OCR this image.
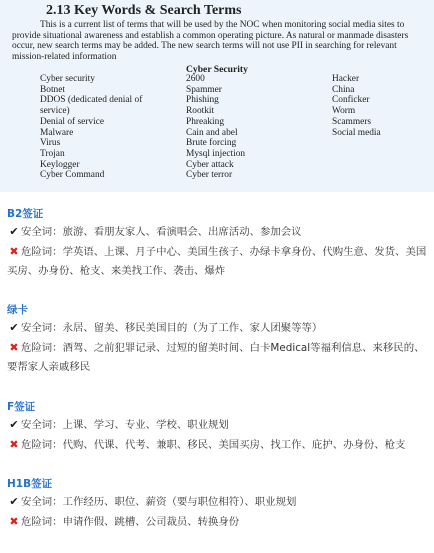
2.13 Key Words & Search Terms

This is a current list of terms that will be used by the NOC when monitoring social media sites to provide situational awareness and establish a common operating picture. As natural or manmade disasters occur, new search terms may be added. The new search terms will not use PII in searching for relevant mission-related information

Cyber Security
Cyber security
Botnet
DDOS (dedicated denial of
service)
Denial of service
Malware
Virus
Trojan
Keylogger
Cyber Command
2600
Spammer
Phishing
Rootkit
Phreaking
Cain and abel
Brute forcing
Mysql injection
Cyber attack
Cyber terror
Hacker
China
Conficker
Worm
Scammers
Social media
B2签证
✔ 安全词：旅游、看朋友家人、看演唱会、出席活动、参加会议
✖ 危险词：学英语、上课、月子中心、美国生孩子、办绿卡拿身份、代购生意、发货、美国买房、办身份、枪支、来美找工作、袭击、爆炸
绿卡
✔ 安全词：永居、留美、移民美国目的（为了工作、家人团聚等等）
✖ 危险词：酒驾、之前犯罪记录、过短的留美时间、白卡Medical等福利信息、来移民的、要帮家人亲戚移民
F签证
✔ 安全词：上课、学习、专业、学校、职业规划
✖ 危险词：代购、代课、代考、兼职、移民、美国买房、找工作、庇护、办身份、枪支
H1B签证
✔ 安全词：工作经历、职位、薪资（要与职位相符）、职业规划
✖ 危险词：申请作假、跳槽、公司裁员、转换身份
